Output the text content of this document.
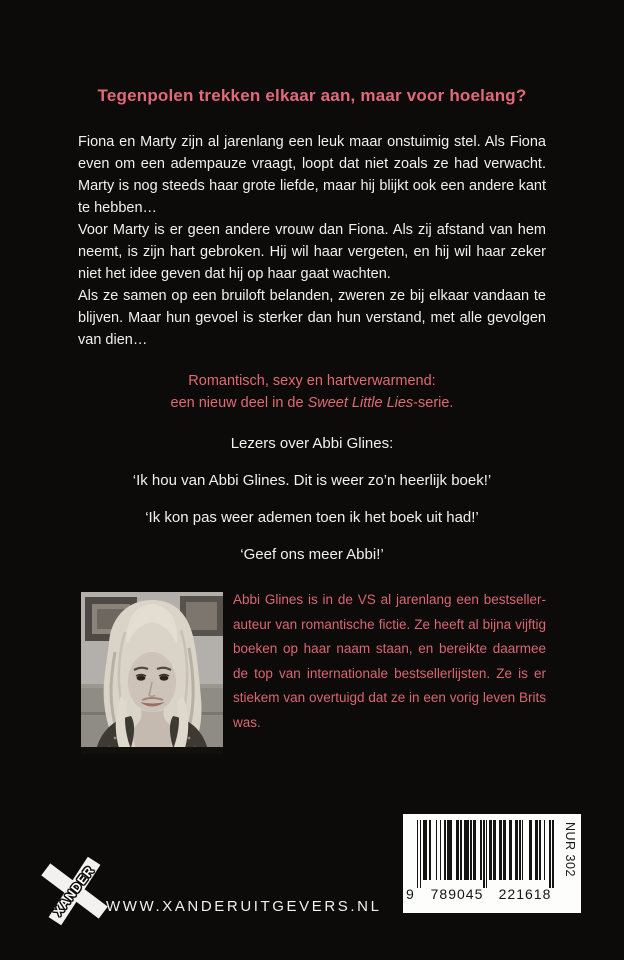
Tegenpolen trekken elkaar aan, maar voor hoelang?

Fiona en Marty zijn al jarenlang een leuk maar onstuimig stel. Als Fiona even om een adempauze vraagt, loopt dat niet zoals ze had verwacht. Marty is nog steeds haar grote liefde, maar hij blijkt ook een andere kant te hebben…

Voor Marty is er geen andere vrouw dan Fiona. Als zij afstand van hem neemt, is zijn hart gebroken. Hij wil haar vergeten, en hij wil haar zeker niet het idee geven dat hij op haar gaat wachten.

Als ze samen op een bruiloft belanden, zweren ze bij elkaar vandaan te blijven. Maar hun gevoel is sterker dan hun verstand, met alle gevolgen van dien…

Romantisch, sexy en hartverwarmend:
een nieuw deel in de Sweet Little Lies-serie.

Lezers over Abbi Glines:

‘Ik hou van Abbi Glines. Dit is weer zo’n heerlijk boek!’

‘Ik kon pas weer ademen toen ik het boek uit had!’

‘Geef ons meer Abbi!’

Abbi Glines is in de VS al jarenlang een bestsellerauteur van romantische fictie. Ze heeft al bijna vijftig boeken op haar naam staan, en bereikte daarmee de top van internationale bestsellerlijsten. Ze is er stiekem van overtuigd dat ze in een vorig leven Brits was.

XANDER WWW.XANDERUITGEVERS.NL
9 789045 221618
NUR 302
